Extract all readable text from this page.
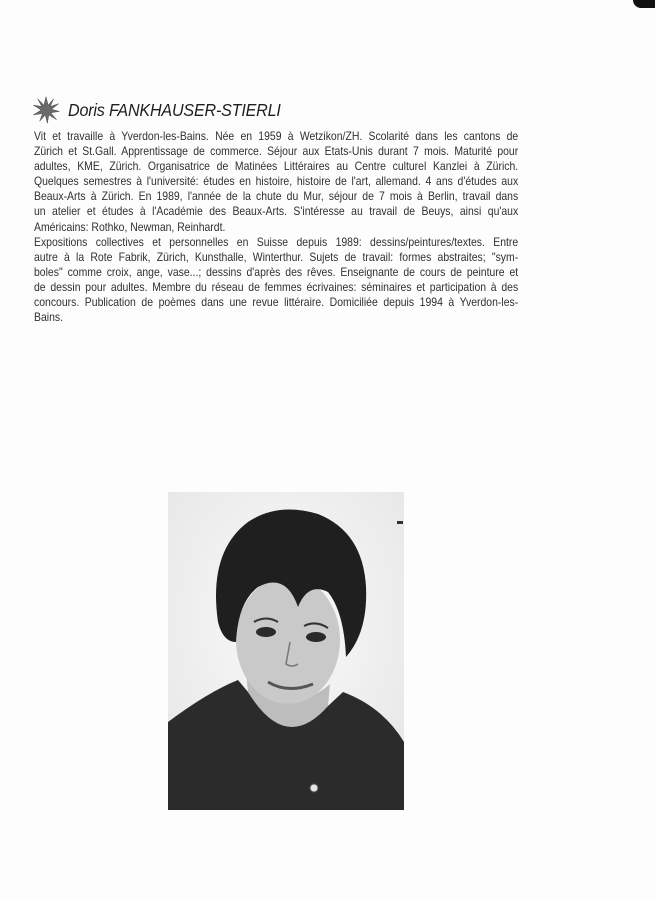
Doris FANKHAUSER-STIERLI
Vit et travaille à Yverdon-les-Bains. Née en 1959 à Wetzikon/ZH. Scolarité dans les cantons de
Zürich et St.Gall. Apprentissage de commerce. Séjour aux Etats-Unis durant 7 mois. Maturité pour
adultes, KME, Zürich. Organisatrice de Matinées Littéraires au Centre culturel Kanzlei à Zürich.
Quelques semestres à l'université: études en histoire, histoire de l'art, allemand. 4 ans d'études aux
Beaux-Arts à Zürich. En 1989, l'année de la chute du Mur, séjour de 7 mois à Berlin, travail dans
un atelier et études à l'Académie des Beaux-Arts. S'intéresse au travail de Beuys, ainsi qu'aux
Américains: Rothko, Newman, Reinhardt.
Expositions collectives et personnelles en Suisse depuis 1989: dessins/peintures/textes. Entre
autre à la Rote Fabrik, Zürich, Kunsthalle, Winterthur. Sujets de travail: formes abstraites; "sym-
boles" comme croix, ange, vase...; dessins d'après des rêves. Enseignante de cours de peinture et
de dessin pour adultes. Membre du réseau de femmes écrivaines: séminaires et participation à des
concours. Publication de poèmes dans une revue littéraire. Domiciliée depuis 1994 à Yverdon-les-
Bains.
